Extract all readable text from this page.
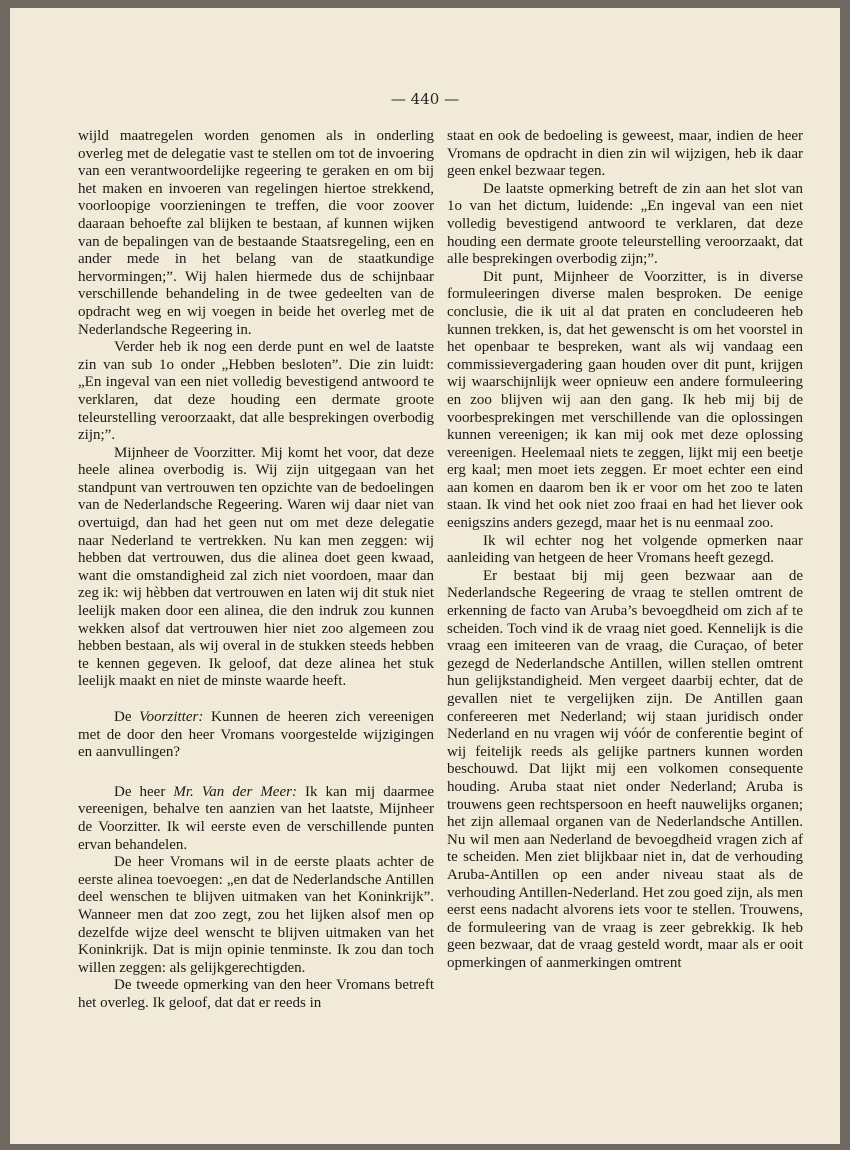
— 440 —

wijld maatregelen worden genomen als in onderling overleg met de delegatie vast te stellen om tot de invoering van een verantwoordelijke regeering te geraken en om bij het maken en invoeren van regelingen hiertoe strekkend, voorloopige voorzieningen te treffen, die voor zoover daaraan behoefte zal blijken te bestaan, af kunnen wijken van de bepalingen van de bestaande Staatsregeling, een en ander mede in het belang van de staatkundige hervormingen;”. Wij halen hiermede dus de schijnbaar verschillende behandeling in de twee gedeelten van de opdracht weg en wij voegen in beide het overleg met de Nederlandsche Regeering in.

Verder heb ik nog een derde punt en wel de laatste zin van sub 1o onder „Hebben besloten”. Die zin luidt: „En ingeval van een niet volledig bevestigend antwoord te verklaren, dat deze houding een dermate groote teleurstelling veroorzaakt, dat alle besprekingen overbodig zijn;”.

Mijnheer de Voorzitter. Mij komt het voor, dat deze heele alinea overbodig is. Wij zijn uitgegaan van het standpunt van vertrouwen ten opzichte van de bedoelingen van de Nederlandsche Regeering. Waren wij daar niet van overtuigd, dan had het geen nut om met deze delegatie naar Nederland te vertrekken. Nu kan men zeggen: wij hebben dat vertrouwen, dus die alinea doet geen kwaad, want die omstandigheid zal zich niet voordoen, maar dan zeg ik: wij hèbben dat vertrouwen en laten wij dit stuk niet leelijk maken door een alinea, die den indruk zou kunnen wekken alsof dat vertrouwen hier niet zoo algemeen zou hebben bestaan, als wij overal in de stukken steeds hebben te kennen gegeven. Ik geloof, dat deze alinea het stuk leelijk maakt en niet de minste waarde heeft.

De Voorzitter: Kunnen de heeren zich vereenigen met de door den heer Vromans voorgestelde wijzigingen en aanvullingen?

De heer Mr. Van der Meer: Ik kan mij daarmee vereenigen, behalve ten aanzien van het laatste, Mijnheer de Voorzitter. Ik wil eerste even de verschillende punten ervan behandelen.

De heer Vromans wil in de eerste plaats achter de eerste alinea toevoegen: „en dat de Nederlandsche Antillen deel wenschen te blijven uitmaken van het Koninkrijk”. Wanneer men dat zoo zegt, zou het lijken alsof men op dezelfde wijze deel wenscht te blijven uitmaken van het Koninkrijk. Dat is mijn opinie tenminste. Ik zou dan toch willen zeggen: als gelijkgerechtigden.

De tweede opmerking van den heer Vromans betreft het overleg. Ik geloof, dat dat er reeds in

staat en ook de bedoeling is geweest, maar, indien de heer Vromans de opdracht in dien zin wil wijzigen, heb ik daar geen enkel bezwaar tegen.

De laatste opmerking betreft de zin aan het slot van 1o van het dictum, luidende: „En ingeval van een niet volledig bevestigend antwoord te verklaren, dat deze houding een dermate groote teleurstelling veroorzaakt, dat alle besprekingen overbodig zijn;”.

Dit punt, Mijnheer de Voorzitter, is in diverse formuleeringen diverse malen besproken. De eenige conclusie, die ik uit al dat praten en concludeeren heb kunnen trekken, is, dat het gewenscht is om het voorstel in het openbaar te bespreken, want als wij vandaag een commissievergadering gaan houden over dit punt, krijgen wij waarschijnlijk weer opnieuw een andere formuleering en zoo blijven wij aan den gang. Ik heb mij bij de voorbesprekingen met verschillende van die oplossingen kunnen vereenigen; ik kan mij ook met deze oplossing vereenigen. Heelemaal niets te zeggen, lijkt mij een beetje erg kaal; men moet iets zeggen. Er moet echter een eind aan komen en daarom ben ik er voor om het zoo te laten staan. Ik vind het ook niet zoo fraai en had het liever ook eenigszins anders gezegd, maar het is nu eenmaal zoo.

Ik wil echter nog het volgende opmerken naar aanleiding van hetgeen de heer Vromans heeft gezegd.

Er bestaat bij mij geen bezwaar aan de Nederlandsche Regeering de vraag te stellen omtrent de erkenning de facto van Aruba’s bevoegdheid om zich af te scheiden. Toch vind ik de vraag niet goed. Kennelijk is die vraag een imiteeren van de vraag, die Curaçao, of beter gezegd de Nederlandsche Antillen, willen stellen omtrent hun gelijkstandigheid. Men vergeet daarbij echter, dat de gevallen niet te vergelijken zijn. De Antillen gaan confereeren met Nederland; wij staan juridisch onder Nederland en nu vragen wij vóór de conferentie begint of wij feitelijk reeds als gelijke partners kunnen worden beschouwd. Dat lijkt mij een volkomen consequente houding. Aruba staat niet onder Nederland; Aruba is trouwens geen rechtspersoon en heeft nauwelijks organen; het zijn allemaal organen van de Nederlandsche Antillen. Nu wil men aan Nederland de bevoegdheid vragen zich af te scheiden. Men ziet blijkbaar niet in, dat de verhouding Aruba-Antillen op een ander niveau staat als de verhouding Antillen-Nederland. Het zou goed zijn, als men eerst eens nadacht alvorens iets voor te stellen. Trouwens, de formuleering van de vraag is zeer gebrekkig. Ik heb geen bezwaar, dat de vraag gesteld wordt, maar als er ooit opmerkingen of aanmerkingen omtrent
